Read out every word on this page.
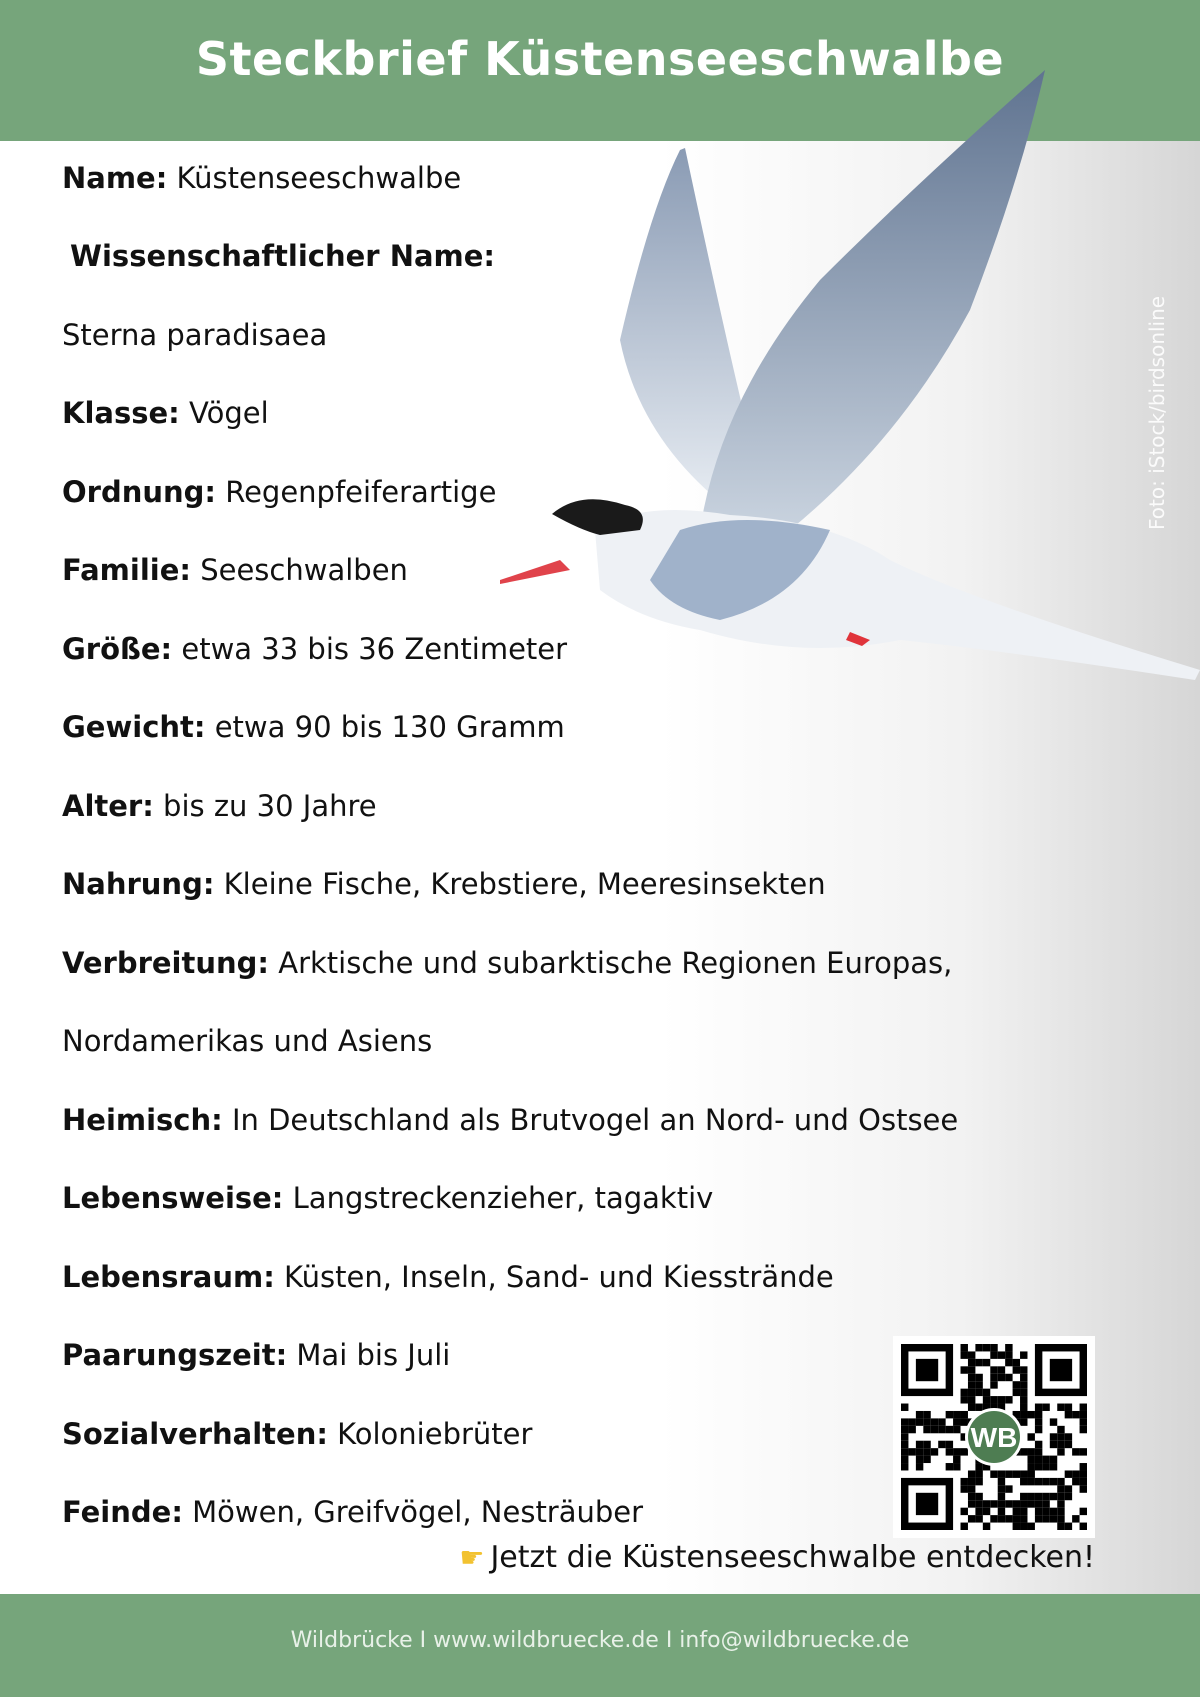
Steckbrief Küstenseeschwalbe
Foto: iStock/birdsonline
Name: Küstenseeschwalbe
Wissenschaftlicher Name:
Sterna paradisaea
Klasse: Vögel
Ordnung: Regenpfeiferartige
Familie: Seeschwalben
Größe: etwa 33 bis 36 Zentimeter
Gewicht: etwa 90 bis 130 Gramm
Alter: bis zu 30 Jahre
Nahrung: Kleine Fische, Krebstiere, Meeresinsekten
Verbreitung: Arktische und subarktische Regionen Europas,
Nordamerikas und Asiens
Heimisch: In Deutschland als Brutvogel an Nord- und Ostsee
Lebensweise: Langstreckenzieher, tagaktiv
Lebensraum: Küsten, Inseln, Sand- und Kiesstrände
Paarungszeit: Mai bis Juli
Sozialverhalten: Koloniebrüter
Feinde: Möwen, Greifvögel, Nesträuber
WB
☛ Jetzt die Küstenseeschwalbe entdecken!
Wildbrücke I www.wildbruecke.de I info@wildbruecke.de
